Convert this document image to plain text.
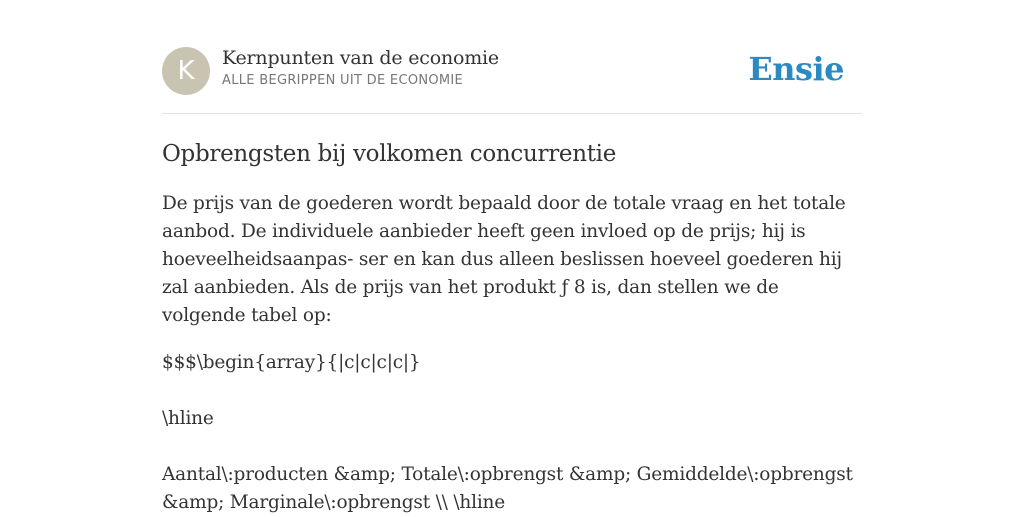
K	Kernpunten van de economie
ALLE BEGRIPPEN UIT DE ECONOMIE	Ensie
Opbrengsten bij volkomen concurrentie

De prijs van de goederen wordt bepaald door de totale vraag en het totale aanbod. De individuele aanbieder heeft geen invloed op de prijs; hij is hoeveelheidsaanpas- ser en kan dus alleen beslissen hoeveel goederen hij zal aanbieden. Als de prijs van het produkt ƒ 8 is, dan stellen we de volgende tabel op:

$$$\begin{array}{|c|c|c|c|}

\hline

Aantal\:producten &amp; Totale\:opbrengst &amp; Gemiddelde\:opbrengst &amp; Marginale\:opbrengst \\ \hline
